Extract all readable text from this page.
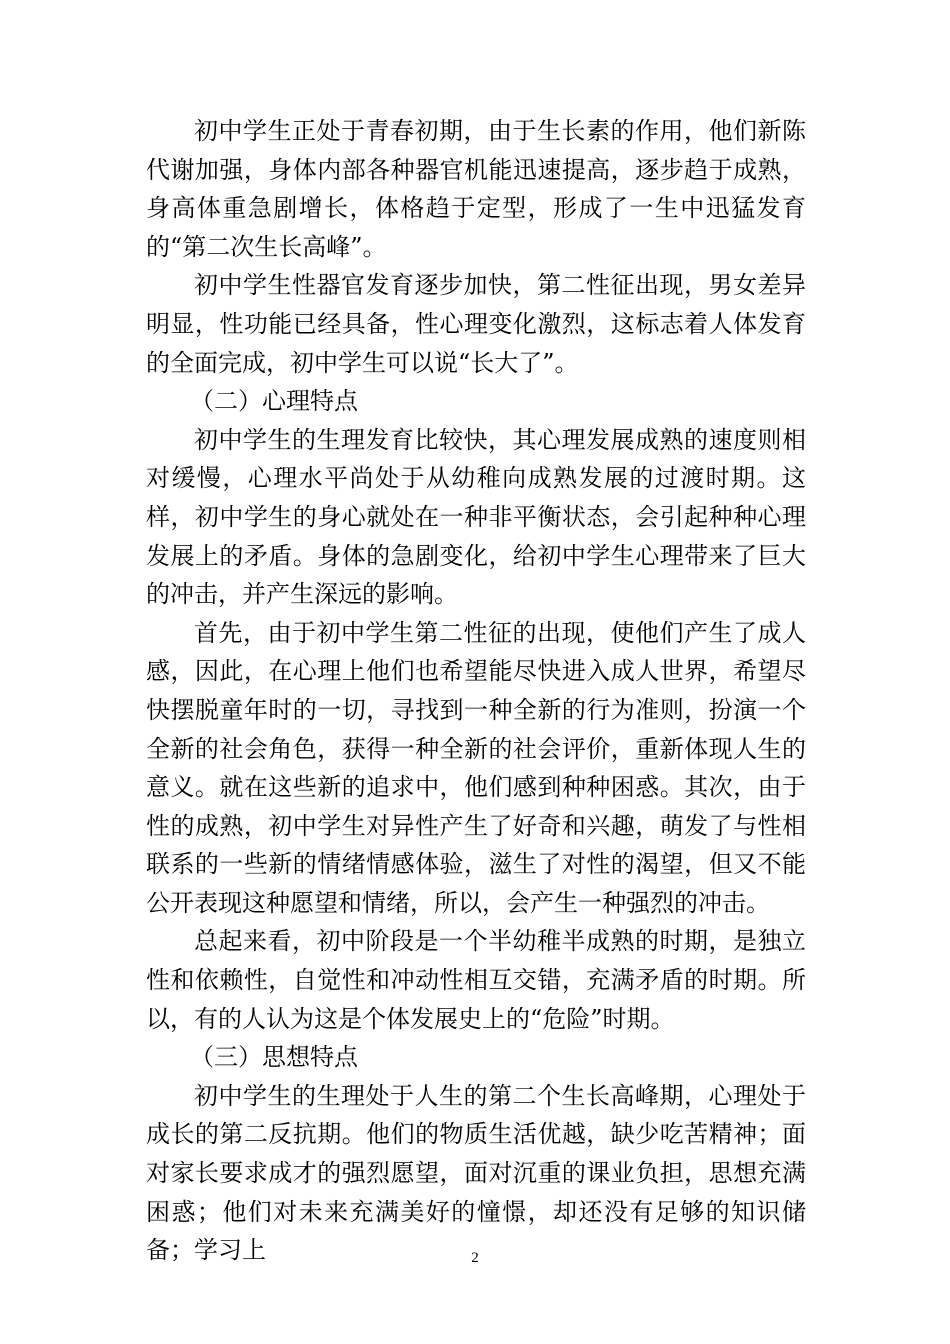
初中学生正处于青春初期，由于生长素的作用，他们新陈代谢加强，身体内部各种器官机能迅速提高，逐步趋于成熟，身高体重急剧增长，体格趋于定型，形成了一生中迅猛发育的“第二次生长高峰”。

初中学生性器官发育逐步加快，第二性征出现，男女差异明显，性功能已经具备，性心理变化激烈，这标志着人体发育的全面完成，初中学生可以说“长大了”。

（二）心理特点

初中学生的生理发育比较快，其心理发展成熟的速度则相对缓慢，心理水平尚处于从幼稚向成熟发展的过渡时期。这样，初中学生的身心就处在一种非平衡状态，会引起种种心理发展上的矛盾。身体的急剧变化，给初中学生心理带来了巨大的冲击，并产生深远的影响。

首先，由于初中学生第二性征的出现，使他们产生了成人感，因此，在心理上他们也希望能尽快进入成人世界，希望尽快摆脱童年时的一切，寻找到一种全新的行为准则，扮演一个全新的社会角色，获得一种全新的社会评价，重新体现人生的意义。就在这些新的追求中，他们感到种种困惑。其次，由于性的成熟，初中学生对异性产生了好奇和兴趣，萌发了与性相联系的一些新的情绪情感体验，滋生了对性的渴望，但又不能公开表现这种愿望和情绪，所以，会产生一种强烈的冲击。

总起来看，初中阶段是一个半幼稚半成熟的时期，是独立性和依赖性，自觉性和冲动性相互交错，充满矛盾的时期。所以，有的人认为这是个体发展史上的“危险”时期。

（三）思想特点

初中学生的生理处于人生的第二个生长高峰期，心理处于成长的第二反抗期。他们的物质生活优越，缺少吃苦精神；面对家长要求成才的强烈愿望，面对沉重的课业负担，思想充满困惑；他们对未来充满美好的憧憬，却还没有足够的知识储备；学习上	2
